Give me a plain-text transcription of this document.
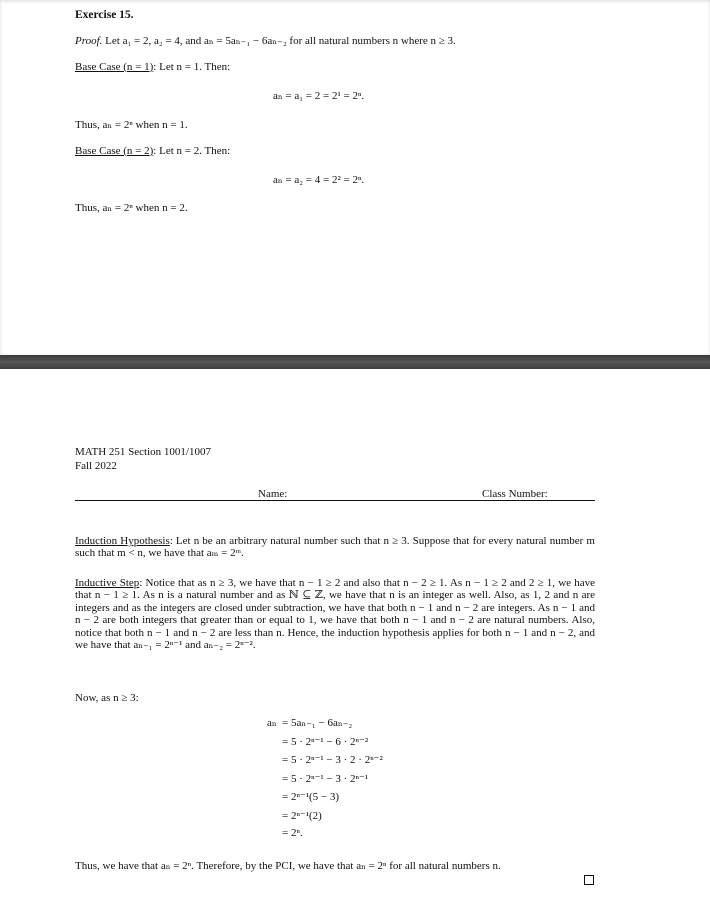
Exercise 15.
Proof. Let a₁ = 2, a₂ = 4, and aₙ = 5aₙ₋₁ − 6aₙ₋₂ for all natural numbers n where n ≥ 3.
Base Case (n = 1): Let n = 1. Then:
aₙ = a₁ = 2 = 2¹ = 2ⁿ.
Thus, aₙ = 2ⁿ when n = 1.
Base Case (n = 2): Let n = 2. Then:
aₙ = a₂ = 4 = 2² = 2ⁿ.
Thus, aₙ = 2ⁿ when n = 2.
MATH 251 Section 1001/1007
Fall 2022
Name:	Class Number:
Induction Hypothesis: Let n be an arbitrary natural number such that n ≥ 3. Suppose that for every natural number m such that m < n, we have that aₘ = 2ᵐ.
Inductive Step: Notice that as n ≥ 3, we have that n − 1 ≥ 2 and also that n − 2 ≥ 1. As n − 1 ≥ 2 and 2 ≥ 1, we have that n − 1 ≥ 1. As n is a natural number and as ℕ ⊆ ℤ, we have that n is an integer as well. Also, as 1, 2 and n are integers and as the integers are closed under subtraction, we have that both n − 1 and n − 2 are integers. As n − 1 and n − 2 are both integers that greater than or equal to 1, we have that both n − 1 and n − 2 are natural numbers. Also, notice that both n − 1 and n − 2 are less than n. Hence, the induction hypothesis applies for both n − 1 and n − 2, and we have that aₙ₋₁ = 2ⁿ⁻¹ and aₙ₋₂ = 2ⁿ⁻².
Now, as n ≥ 3:
aₙ = 5aₙ₋₁ − 6aₙ₋₂
= 5 · 2ⁿ⁻¹ − 6 · 2ⁿ⁻²
= 5 · 2ⁿ⁻¹ − 3 · 2 · 2ⁿ⁻²
= 5 · 2ⁿ⁻¹ − 3 · 2ⁿ⁻¹
= 2ⁿ⁻¹(5 − 3)
= 2ⁿ⁻¹(2)
= 2ⁿ.
Thus, we have that aₙ = 2ⁿ. Therefore, by the PCI, we have that aₙ = 2ⁿ for all natural numbers n.
